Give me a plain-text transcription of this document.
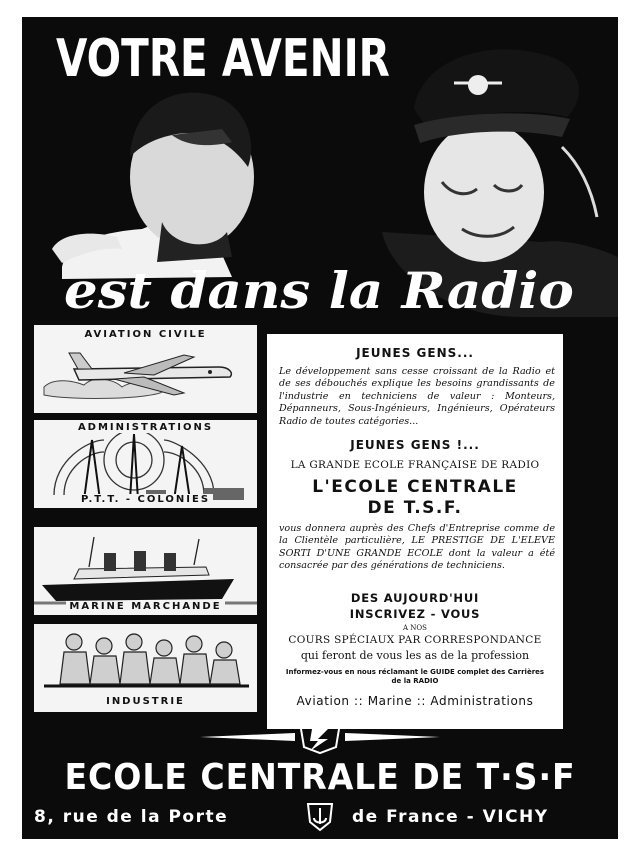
VOTRE AVENIR

est dans la Radio

AVIATION CIVILE
ADMINISTRATIONS
P.T.T. - COLONIES
MARINE MARCHANDE
INDUSTRIE

JEUNES GENS...

Le développement sans cesse croissant de la Radio et de ses débouchés explique les besoins grandissants de l'industrie en techniciens de valeur : Monteurs, Dépanneurs, Sous-Ingénieurs, Ingénieurs, Opérateurs Radio de toutes catégories...

JEUNES GENS !...

LA GRANDE ECOLE FRANÇAISE DE RADIO

L'ECOLE CENTRALE

DE T.S.F.

vous donnera auprès des Chefs d'Entreprise comme de la Clientèle particulière, LE PRESTIGE DE L'ELEVE SORTI D'UNE GRANDE ECOLE dont la valeur a été consacrée par des générations de techniciens.

DES AUJOURD'HUI

INSCRIVEZ - VOUS

A NOS

COURS SPÉCIAUX PAR CORRESPONDANCE

qui feront de vous les as de la profession

Informez-vous en nous réclamant le GUIDE complet des Carrières

de la RADIO

Aviation :: Marine :: Administrations

E.C.T.S.F. FONDÉE EN 1919

ECOLE CENTRALE DE T·S·F

8, rue de la Porte	de France - VICHY
